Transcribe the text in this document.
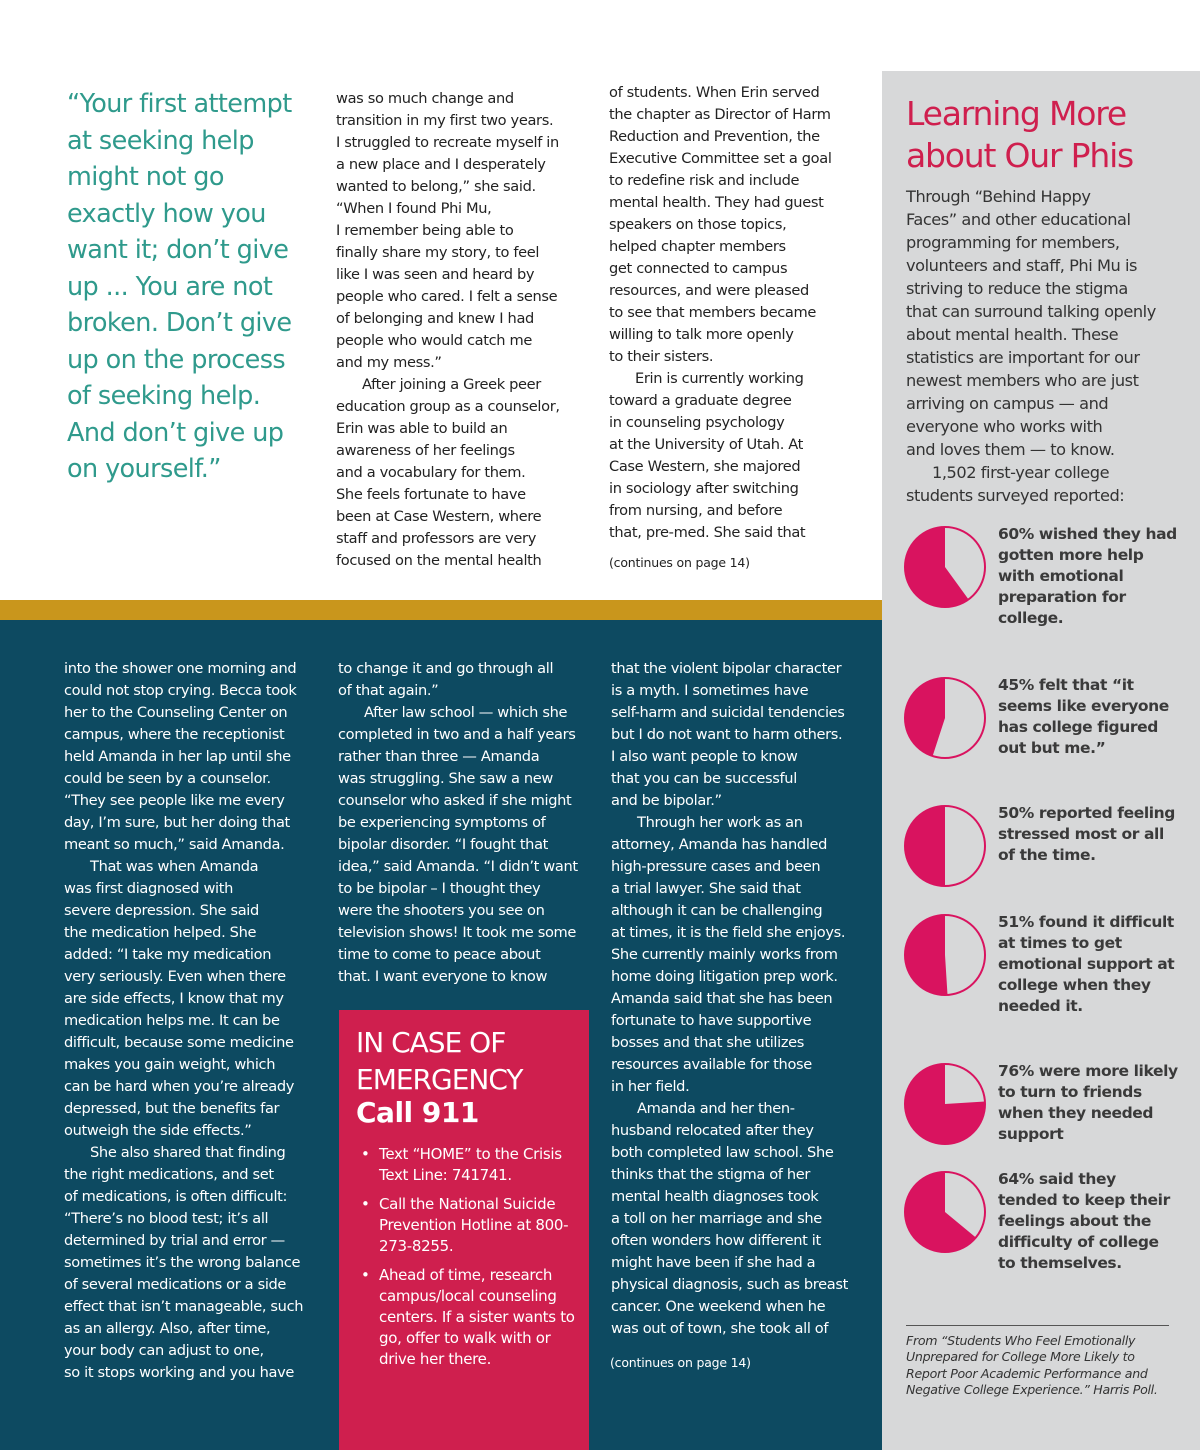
“Your first attempt
at seeking help
might not go
exactly how you
want it; don’t give
up ... You are not
broken. Don’t give
up on the process
of seeking help.
And don’t give up
on yourself.”

was so much change and

transition in my first two years.

I struggled to recreate myself in

a new place and I desperately

wanted to belong,” she said.

“When I found Phi Mu,

I remember being able to

finally share my story, to feel

like I was seen and heard by

people who cared. I felt a sense

of belonging and knew I had

people who would catch me

and my mess.”

After joining a Greek peer

education group as a counselor,

Erin was able to build an

awareness of her feelings

and a vocabulary for them.

She feels fortunate to have

been at Case Western, where

staff and professors are very

focused on the mental health

of students. When Erin served

the chapter as Director of Harm

Reduction and Prevention, the

Executive Committee set a goal

to redefine risk and include

mental health. They had guest

speakers on those topics,

helped chapter members

get connected to campus

resources, and were pleased

to see that members became

willing to talk more openly

to their sisters.

Erin is currently working

toward a graduate degree

in counseling psychology

at the University of Utah. At

Case Western, she majored

in sociology after switching

from nursing, and before

that, pre-med. She said that

(continues on page 14)

into the shower one morning and

could not stop crying. Becca took

her to the Counseling Center on

campus, where the receptionist

held Amanda in her lap until she

could be seen by a counselor.

“They see people like me every

day, I’m sure, but her doing that

meant so much,” said Amanda.

That was when Amanda

was first diagnosed with

severe depression. She said

the medication helped. She

added: “I take my medication

very seriously. Even when there

are side effects, I know that my

medication helps me. It can be

difficult, because some medicine

makes you gain weight, which

can be hard when you’re already

depressed, but the benefits far

outweigh the side effects.”

She also shared that finding

the right medications, and set

of medications, is often difficult:

“There’s no blood test; it’s all

determined by trial and error —

sometimes it’s the wrong balance

of several medications or a side

effect that isn’t manageable, such

as an allergy. Also, after time,

your body can adjust to one,

so it stops working and you have

to change it and go through all

of that again.”

After law school — which she

completed in two and a half years

rather than three — Amanda

was struggling. She saw a new

counselor who asked if she might

be experiencing symptoms of

bipolar disorder. “I fought that

idea,” said Amanda. “I didn’t want

to be bipolar – I thought they

were the shooters you see on

television shows! It took me some

time to come to peace about

that. I want everyone to know

that the violent bipolar character

is a myth. I sometimes have

self-harm and suicidal tendencies

but I do not want to harm others.

I also want people to know

that you can be successful

and be bipolar.”

Through her work as an

attorney, Amanda has handled

high-pressure cases and been

a trial lawyer. She said that

although it can be challenging

at times, it is the field she enjoys.

She currently mainly works from

home doing litigation prep work.

Amanda said that she has been

fortunate to have supportive

bosses and that she utilizes

resources available for those

in her field.

Amanda and her then-

husband relocated after they

both completed law school. She

thinks that the stigma of her

mental health diagnoses took

a toll on her marriage and she

often wonders how different it

might have been if she had a

physical diagnosis, such as breast

cancer. One weekend when he

was out of town, she took all of

(continues on page 14)
IN CASE OF
EMERGENCY
Call 911
• Text “HOME” to the Crisis Text Line: 741741.
• Call the National Suicide Prevention Hotline at 800-273-8255.
• Ahead of time, research campus/local counseling centers. If a sister wants to go, offer to walk with or drive her there.
Learning More
about Our Phis

Through “Behind Happy

Faces” and other educational

programming for members,

volunteers and staff, Phi Mu is

striving to reduce the stigma

that can surround talking openly

about mental health. These

statistics are important for our

newest members who are just

arriving on campus — and

everyone who works with

and loves them — to know.

1,502 first-year college

students surveyed reported:

60% wished they had gotten more help with emotional preparation for college.

45% felt that “it seems like everyone has college figured out but me.”

50% reported feeling stressed most or all of the time.

51% found it difficult at times to get emotional support at college when they needed it.

76% were more likely to turn to friends when they needed support

64% said they tended to keep their feelings about the difficulty of college to themselves.

From “Students Who Feel Emotionally

Unprepared for College More Likely to

Report Poor Academic Performance and

Negative College Experience.” Harris Poll.
